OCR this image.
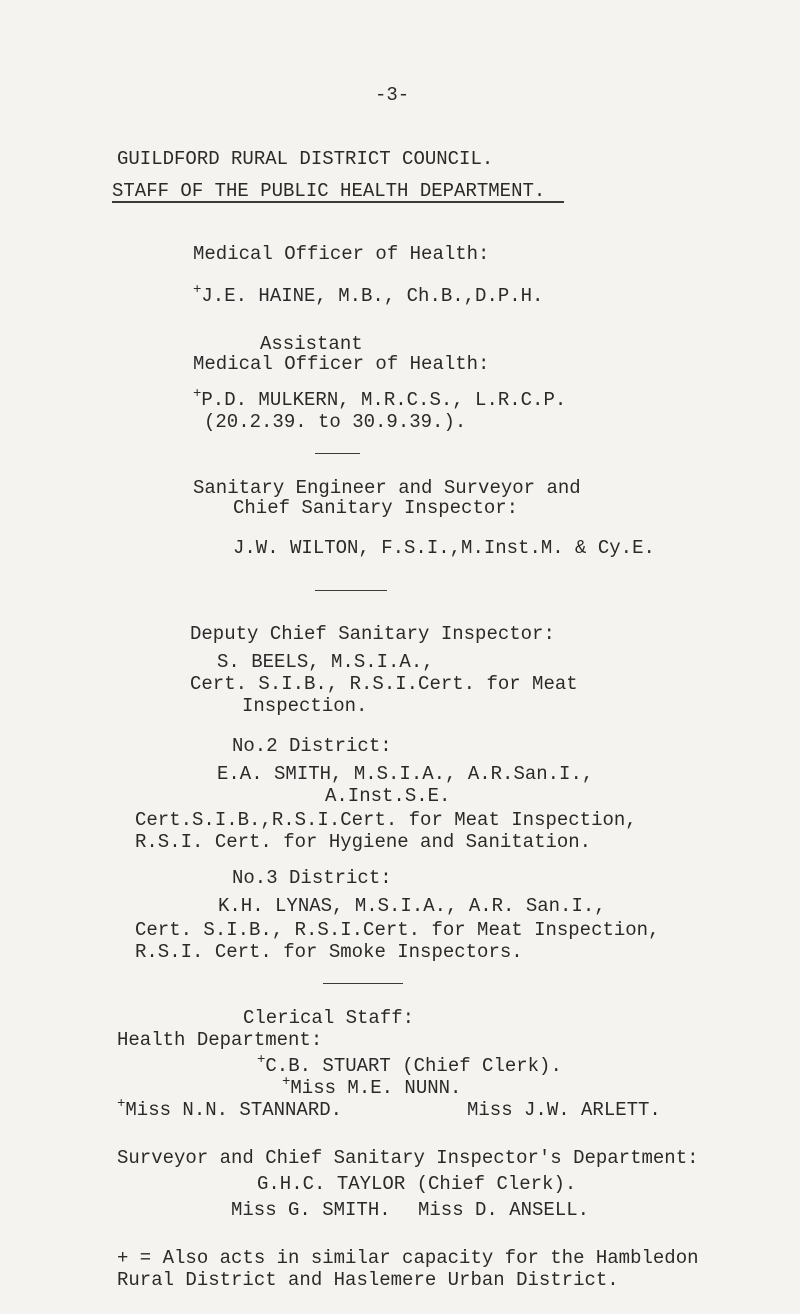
-3-
GUILDFORD RURAL DISTRICT COUNCIL.
STAFF OF THE PUBLIC HEALTH DEPARTMENT.
Medical Officer of Health:
+J.E. HAINE, M.B., Ch.B.,D.P.H.
Assistant
Medical Officer of Health:
+P.D. MULKERN, M.R.C.S., L.R.C.P.
(20.2.39. to 30.9.39.).
Sanitary Engineer and Surveyor and
Chief Sanitary Inspector:
J.W. WILTON, F.S.I.,M.Inst.M. & Cy.E.
Deputy Chief Sanitary Inspector:
S. BEELS, M.S.I.A.,
Cert. S.I.B., R.S.I.Cert. for Meat
Inspection.
No.2 District:
E.A. SMITH, M.S.I.A., A.R.San.I.,
A.Inst.S.E.
Cert.S.I.B.,R.S.I.Cert. for Meat Inspection,
R.S.I. Cert. for Hygiene and Sanitation.
No.3 District:
K.H. LYNAS, M.S.I.A., A.R. San.I.,
Cert. S.I.B., R.S.I.Cert. for Meat Inspection,
R.S.I. Cert. for Smoke Inspectors.
Clerical Staff:
Health Department:
+C.B. STUART (Chief Clerk).
+Miss M.E. NUNN.
+Miss N.N. STANNARD.	Miss J.W. ARLETT.
Surveyor and Chief Sanitary Inspector's Department:
G.H.C. TAYLOR (Chief Clerk).
Miss G. SMITH. Miss D. ANSELL.
+ = Also acts in similar capacity for the Hambledon
Rural District and Haslemere Urban District.
